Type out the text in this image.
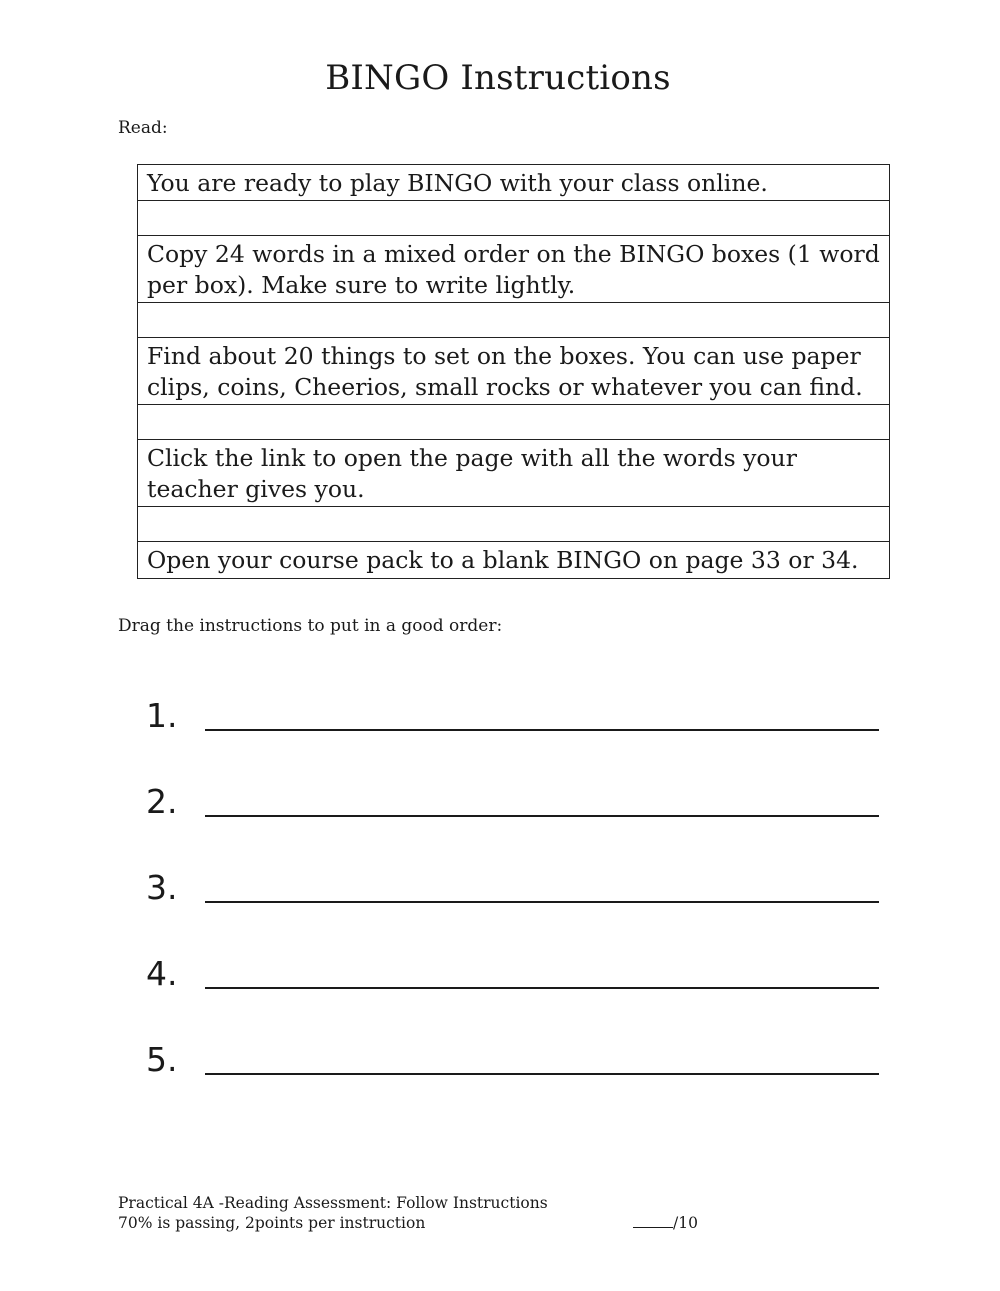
BINGO Instructions
Read:
You are ready to play BINGO with your class online.
Copy 24 words in a mixed order on the BINGO boxes (1 word per box). Make sure to write lightly.
Find about 20 things to set on the boxes. You can use paper clips, coins, Cheerios, small rocks or whatever you can find.
Click the link to open the page with all the words your teacher gives you.
Open your course pack to a blank BINGO on page 33 or 34.
Drag the instructions to put in a good order:
1.
2.
3.
4.
5.
Practical 4A -Reading Assessment: Follow Instructions
70% is passing, 2points per instruction	/10
